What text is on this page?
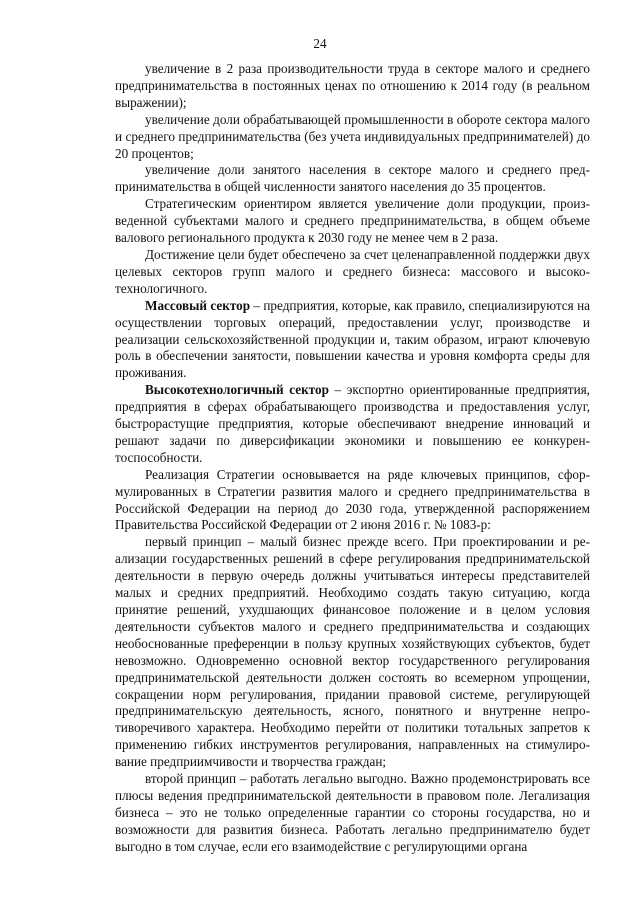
24

увеличение в 2 раза производительности труда в секторе малого и среднего предпринимательства в постоянных ценах по отношению к 2014 году (в реальном выражении);

увеличение доли обрабатывающей промышленности в обороте сектора малого и среднего предпринимательства (без учета индивидуальных предпринимателей) до 20 процентов;

увеличение доли занятого населения в секторе малого и среднего предпринимательства в общей численности занятого населения до 35 процентов.

Стратегическим ориентиром является увеличение доли продукции, произведенной субъектами малого и среднего предпринимательства, в общем объеме валового регионального продукта к 2030 году не менее чем в 2 раза.

Достижение цели будет обеспечено за счет целенаправленной поддержки двух целевых секторов групп малого и среднего бизнеса: массового и высокотехнологичного.

Массовый сектор – предприятия, которые, как правило, специализируются на осуществлении торговых операций, предоставлении услуг, производстве и реализации сельскохозяйственной продукции и, таким образом, играют ключевую роль в обеспечении занятости, повышении качества и уровня комфорта среды для проживания.

Высокотехнологичный сектор – экспортно ориентированные предприятия, предприятия в сферах обрабатывающего производства и предоставления услуг, быстрорастущие предприятия, которые обеспечивают внедрение инноваций и решают задачи по диверсификации экономики и повышению ее конкурентоспособности.

Реализация Стратегии основывается на ряде ключевых принципов, сформулированных в Стратегии развития малого и среднего предпринимательства в Российской Федерации на период до 2030 года, утвержденной распоряжением Правительства Российской Федерации от 2 июня 2016 г. № 1083-р:

первый принцип – малый бизнес прежде всего. При проектировании и реализации государственных решений в сфере регулирования предпринимательской деятельности в первую очередь должны учитываться интересы представителей малых и средних предприятий. Необходимо создать такую ситуацию, когда принятие решений, ухудшающих финансовое положение и в целом условия деятельности субъектов малого и среднего предпринимательства и создающих необоснованные преференции в пользу крупных хозяйствующих субъектов, будет невозможно. Одновременно основной вектор государственного регулирования предпринимательской деятельности должен состоять во всемерном упрощении, сокращении норм регулирования, придании правовой системе, регулирующей предпринимательскую деятельность, ясного, понятного и внутренне непротиворечивого характера. Необходимо перейти от политики тотальных запретов к применению гибких инструментов регулирования, направленных на стимулирование предприимчивости и творчества граждан;

второй принцип – работать легально выгодно. Важно продемонстрировать все плюсы ведения предпринимательской деятельности в правовом поле. Легализация бизнеса – это не только определенные гарантии со стороны государства, но и возможности для развития бизнеса. Работать легально предпринимателю будет выгодно в том случае, если его взаимодействие с регулирующими органа
